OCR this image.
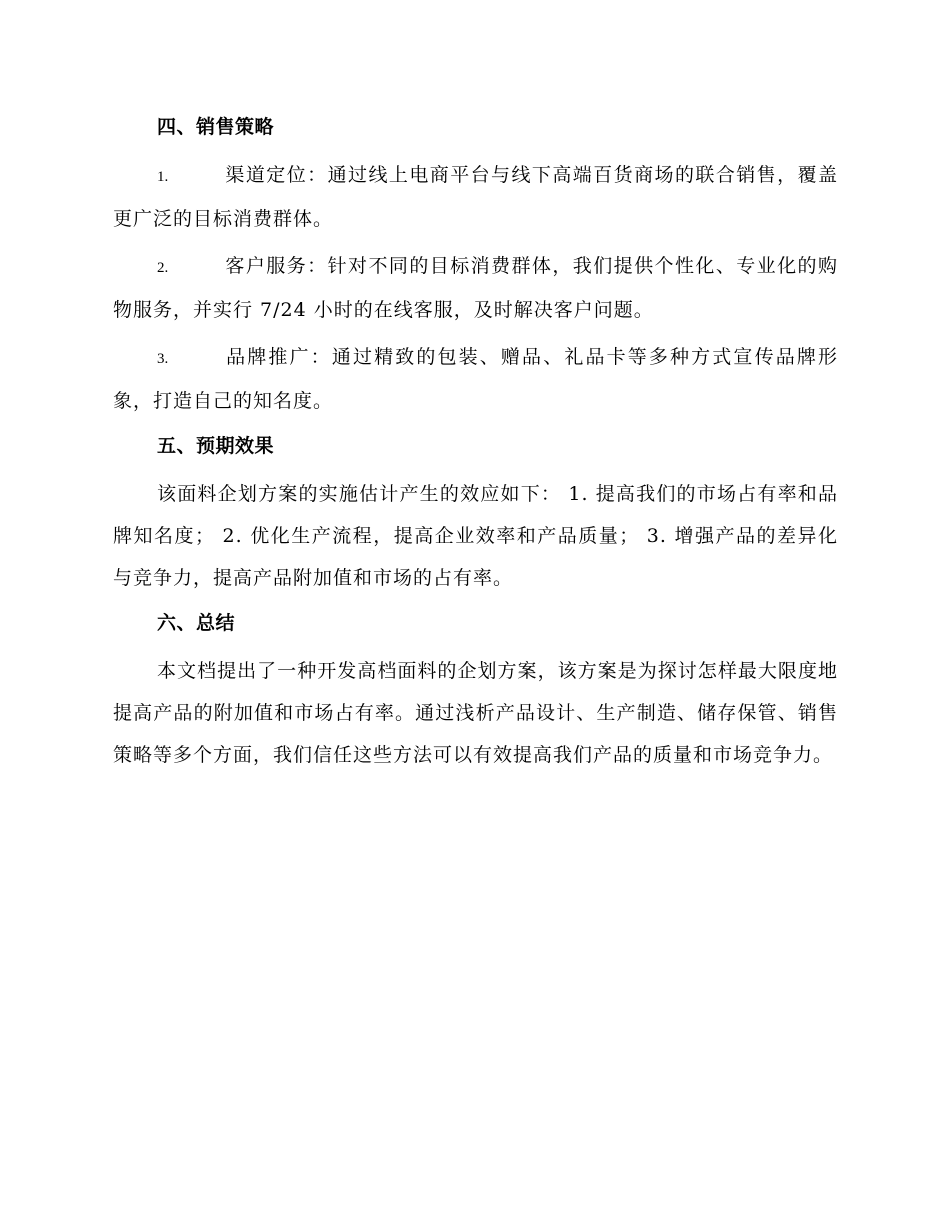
四、销售策略
1.	渠道定位：通过线上电商平台与线下高端百货商场的联合销售，覆盖更广泛的目标消费群体。
2.	客户服务：针对不同的目标消费群体，我们提供个性化、专业化的购物服务，并实行 7/24 小时的在线客服，及时解决客户问题。
3.	品牌推广：通过精致的包装、赠品、礼品卡等多种方式宣传品牌形象，打造自己的知名度。
五、预期效果
该面料企划方案的实施估计产生的效应如下： 1. 提高我们的市场占有率和品牌知名度； 2. 优化生产流程，提高企业效率和产品质量； 3. 增强产品的差异化与竞争力，提高产品附加值和市场的占有率。
六、总结
本文档提出了一种开发高档面料的企划方案，该方案是为探讨怎样最大限度地提高产品的附加值和市场占有率。通过浅析产品设计、生产制造、储存保管、销售策略等多个方面，我们信任这些方法可以有效提高我们产品的质量和市场竞争力。
